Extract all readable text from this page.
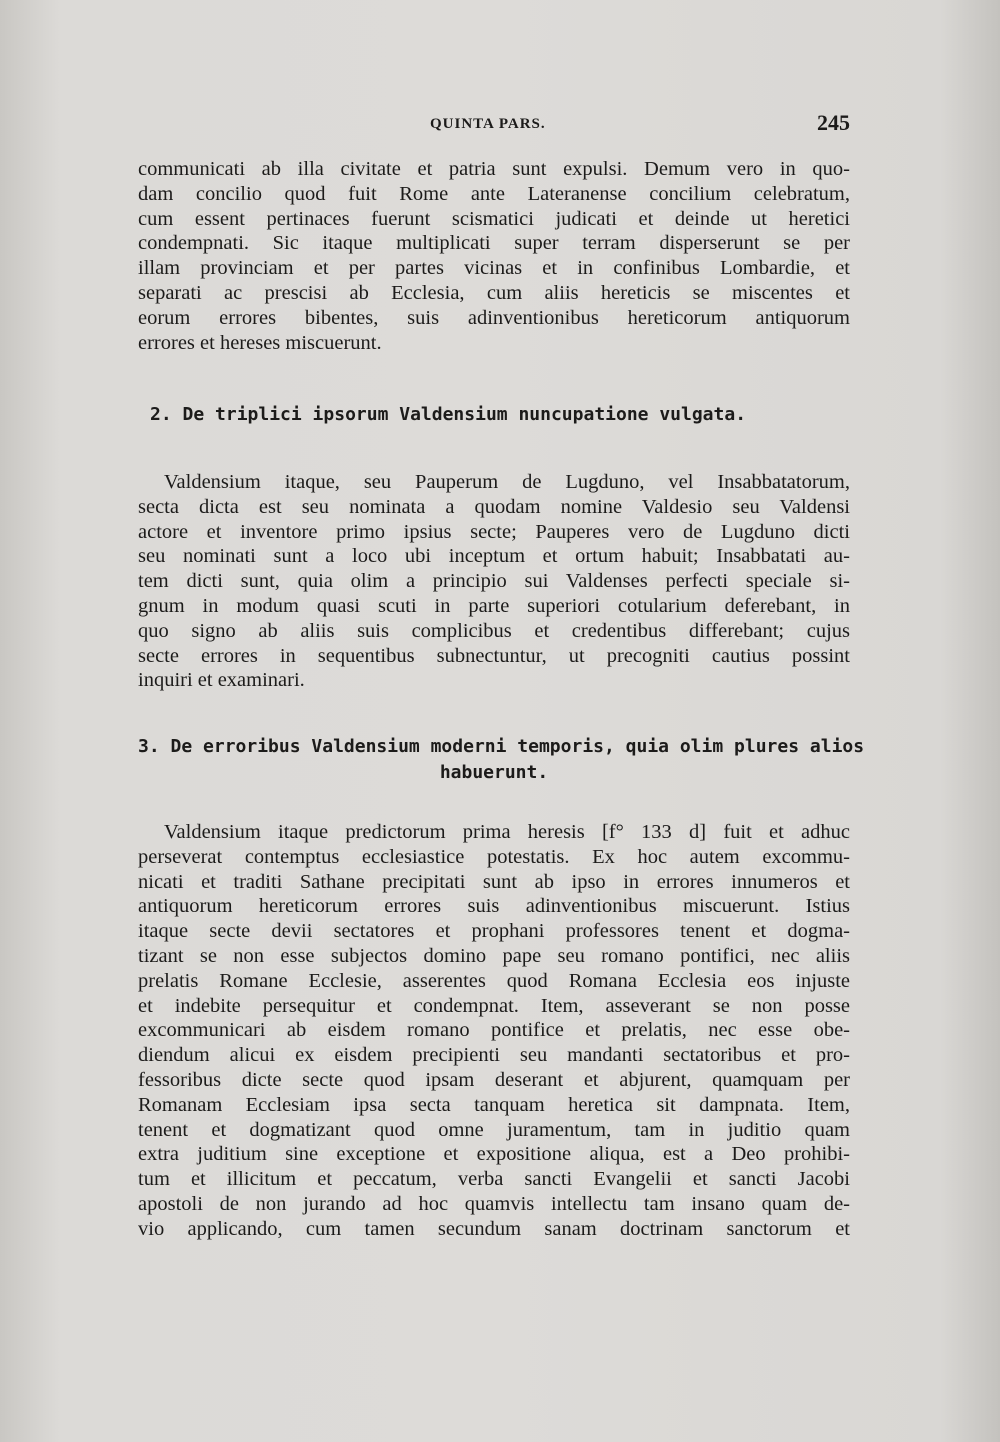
QUINTA PARS.	245
communicati ab illa civitate et patria sunt expulsi. Demum vero in quo-
dam concilio quod fuit Rome ante Lateranense concilium celebratum,
cum essent pertinaces fuerunt scismatici judicati et deinde ut heretici
condempnati. Sic itaque multiplicati super terram disperserunt se per
illam provinciam et per partes vicinas et in confinibus Lombardie, et
separati ac prescisi ab Ecclesia, cum aliis hereticis se miscentes et
eorum errores bibentes, suis adinventionibus hereticorum antiquorum
errores et hereses miscuerunt.
2. De triplici ipsorum Valdensium nuncupatione vulgata.
Valdensium itaque, seu Pauperum de Lugduno, vel Insabbatatorum,
secta dicta est seu nominata a quodam nomine Valdesio seu Valdensi
actore et inventore primo ipsius secte; Pauperes vero de Lugduno dicti
seu nominati sunt a loco ubi inceptum et ortum habuit; Insabbatati au-
tem dicti sunt, quia olim a principio sui Valdenses perfecti speciale si-
gnum in modum quasi scuti in parte superiori cotularium deferebant, in
quo signo ab aliis suis complicibus et credentibus differebant; cujus
secte errores in sequentibus subnectuntur, ut precogniti cautius possint
inquiri et examinari.
3. De erroribus Valdensium moderni temporis, quia olim plures alios
habuerunt.
Valdensium itaque predictorum prima heresis [f° 133 d] fuit et adhuc
perseverat contemptus ecclesiastice potestatis. Ex hoc autem excommu-
nicati et traditi Sathane precipitati sunt ab ipso in errores innumeros et
antiquorum hereticorum errores suis adinventionibus miscuerunt. Istius
itaque secte devii sectatores et prophani professores tenent et dogma-
tizant se non esse subjectos domino pape seu romano pontifici, nec aliis
prelatis Romane Ecclesie, asserentes quod Romana Ecclesia eos injuste
et indebite persequitur et condempnat. Item, asseverant se non posse
excommunicari ab eisdem romano pontifice et prelatis, nec esse obe-
diendum alicui ex eisdem precipienti seu mandanti sectatoribus et pro-
fessoribus dicte secte quod ipsam deserant et abjurent, quamquam per
Romanam Ecclesiam ipsa secta tanquam heretica sit dampnata. Item,
tenent et dogmatizant quod omne juramentum, tam in juditio quam
extra juditium sine exceptione et expositione aliqua, est a Deo prohibi-
tum et illicitum et peccatum, verba sancti Evangelii et sancti Jacobi
apostoli de non jurando ad hoc quamvis intellectu tam insano quam de-
vio applicando, cum tamen secundum sanam doctrinam sanctorum et
